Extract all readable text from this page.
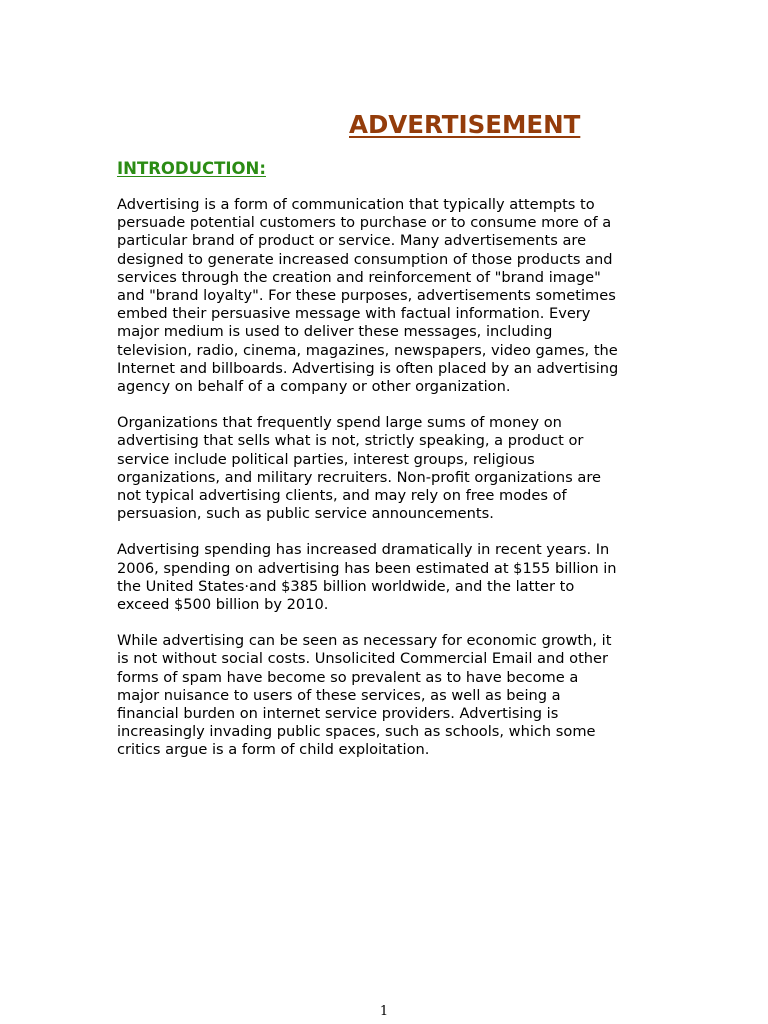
ADVERTISEMENT
INTRODUCTION:
Advertising is a form of communication that typically attempts to
persuade potential customers to purchase or to consume more of a
particular brand of product or service. Many advertisements are
designed to generate increased consumption of those products and
services through the creation and reinforcement of "brand image"
and "brand loyalty". For these purposes, advertisements sometimes
embed their persuasive message with factual information. Every
major medium is used to deliver these messages, including
television, radio, cinema, magazines, newspapers, video games, the
Internet and billboards. Advertising is often placed by an advertising
agency on behalf of a company or other organization.
Organizations that frequently spend large sums of money on
advertising that sells what is not, strictly speaking, a product or
service include political parties, interest groups, religious
organizations, and military recruiters. Non-profit organizations are
not typical advertising clients, and may rely on free modes of
persuasion, such as public service announcements.
Advertising spending has increased dramatically in recent years. In
2006, spending on advertising has been estimated at $155 billion in
the United States·and $385 billion worldwide, and the latter to
exceed $500 billion by 2010.
While advertising can be seen as necessary for economic growth, it
is not without social costs. Unsolicited Commercial Email and other
forms of spam have become so prevalent as to have become a
major nuisance to users of these services, as well as being a
financial burden on internet service providers. Advertising is
increasingly invading public spaces, such as schools, which some
critics argue is a form of child exploitation.
1
